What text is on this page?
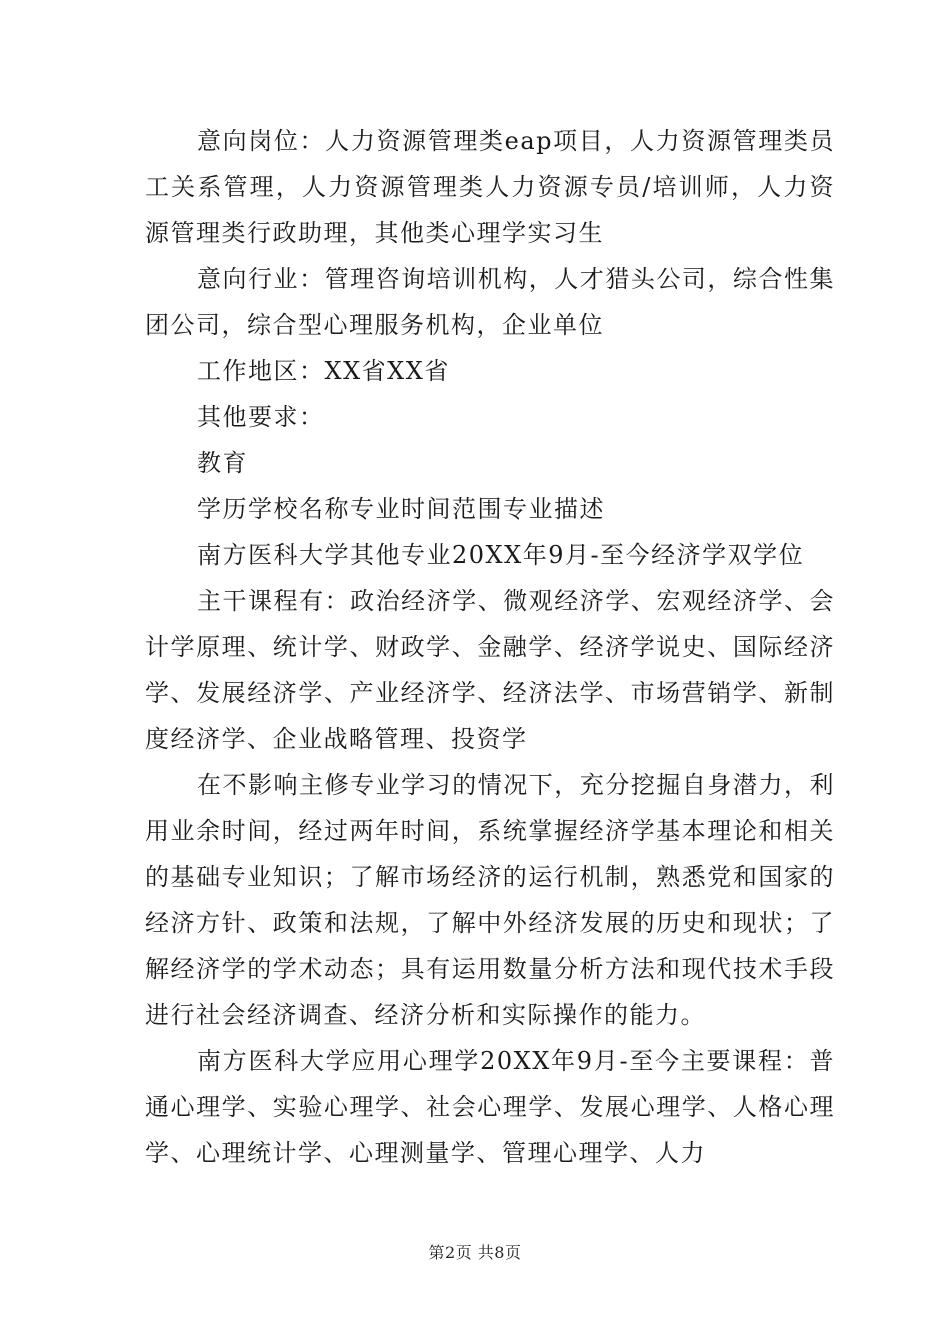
意向岗位：人力资源管理类eap项目，人力资源管理类员工关系管理，人力资源管理类人力资源专员/培训师，人力资源管理类行政助理，其他类心理学实习生

意向行业：管理咨询培训机构，人才猎头公司，综合性集团公司，综合型心理服务机构，企业单位

工作地区：XX省XX省

其他要求：

教育

学历学校名称专业时间范围专业描述

南方医科大学其他专业20XX年9月-至今经济学双学位

主干课程有：政治经济学、微观经济学、宏观经济学、会计学原理、统计学、财政学、金融学、经济学说史、国际经济学、发展经济学、产业经济学、经济法学、市场营销学、新制度经济学、企业战略管理、投资学

在不影响主修专业学习的情况下，充分挖掘自身潜力，利用业余时间，经过两年时间，系统掌握经济学基本理论和相关的基础专业知识；了解市场经济的运行机制，熟悉党和国家的经济方针、政策和法规，了解中外经济发展的历史和现状；了解经济学的学术动态；具有运用数量分析方法和现代技术手段进行社会经济调查、经济分析和实际操作的能力。

南方医科大学应用心理学20XX年9月-至今主要课程：普通心理学、实验心理学、社会心理学、发展心理学、人格心理学、心理统计学、心理测量学、管理心理学、人力

第2页 共8页
